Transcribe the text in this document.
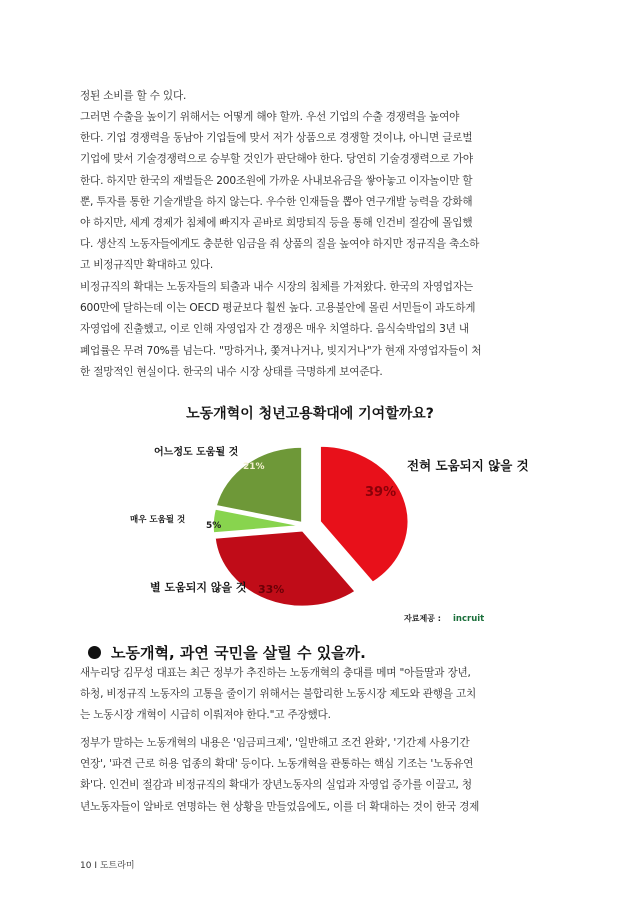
정된 소비를 할 수 있다.
그러면 수출을 높이기 위해서는 어떻게 해야 할까. 우선 기업의 수출 경쟁력을 높여야
한다. 기업 경쟁력을 동남아 기업들에 맞서 저가 상품으로 경쟁할 것이냐, 아니면 글로벌
기업에 맞서 기술경쟁력으로 승부할 것인가 판단해야 한다. 당연히 기술경쟁력으로 가야
한다. 하지만 한국의 재벌들은 200조원에 가까운 사내보유금을 쌓아놓고 이자놀이만 할
뿐, 투자를 통한 기술개발을 하지 않는다. 우수한 인재들을 뽑아 연구개발 능력을 강화해
야 하지만, 세계 경제가 침체에 빠지자 곧바로 희망퇴직 등을 통해 인건비 절감에 몰입했
다. 생산직 노동자들에게도 충분한 임금을 줘 상품의 질을 높여야 하지만 정규직을 축소하
고 비정규직만 확대하고 있다.
비정규직의 확대는 노동자들의 퇴출과 내수 시장의 침체를 가져왔다. 한국의 자영업자는
600만에 달하는데 이는 OECD 평균보다 훨씬 높다. 고용불안에 몰린 서민들이 과도하게
자영업에 진출했고, 이로 인해 자영업자 간 경쟁은 매우 치열하다. 음식숙박업의 3년 내
폐업률은 무려 70%를 넘는다. "망하거나, 쫓겨나거나, 빚지거나"가 현재 자영업자들이 처
한 절망적인 현실이다. 한국의 내수 시장 상태를 극명하게 보여준다.
노동개혁이 청년고용확대에 기여할까요?
전혀 도움되지 않을 것
39%
별 도움되지 않을 것 33%
매우 도움될 것
5%
어느정도 도움될 것
21%
자료제공 : incruit
노동개혁, 과연 국민을 살릴 수 있을까.
새누리당 김무성 대표는 최근 정부가 추진하는 노동개혁의 충대를 메며 "아들딸과 장년,
하청, 비정규직 노동자의 고통을 줄이기 위해서는 불합리한 노동시장 제도와 관행을 고치
는 노동시장 개혁이 시급히 이뤄져야 한다."고 주장했다.
정부가 말하는 노동개혁의 내용은 '임금피크제', '일반해고 조건 완화', '기간제 사용기간
연장', '파견 근로 허용 업종의 확대' 등이다. 노동개혁을 관통하는 핵심 기조는 '노동유연
화'다. 인건비 절감과 비정규직의 확대가 장년노동자의 실업과 자영업 증가를 이끌고, 청
년노동자들이 알바로 연명하는 현 상황을 만들었음에도, 이를 더 확대하는 것이 한국 경제
10 I 도트라미
